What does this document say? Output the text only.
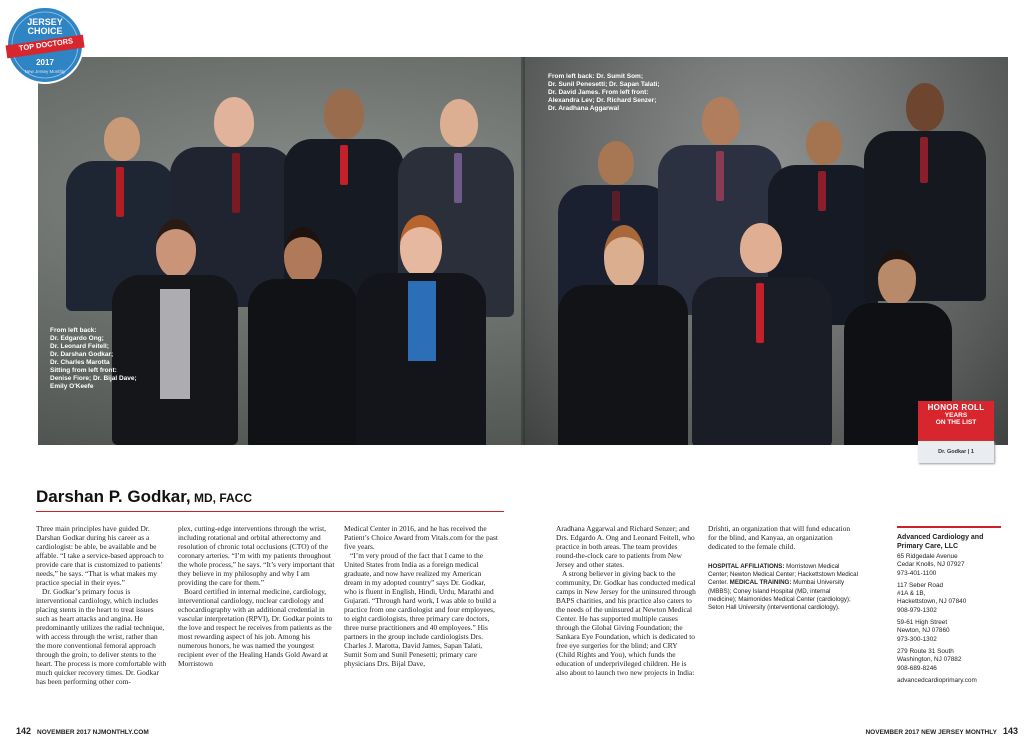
From left back:
Dr. Edgardo Ong;
Dr. Leonard Feitell;
Dr. Darshan Godkar;
Dr. Charles Marotta
Sitting from left front:
Denise Fiore; Dr. Bijal Dave;
Emily O'Keefe
From left back: Dr. Sumit Som;
Dr. Sunil Penesetti; Dr. Sapan Talati;
Dr. David James. From left front:
Alexandra Lev; Dr. Richard Senzer;
Dr. Aradhana Aggarwal
JERSEY
CHOICE
TOP DOCTORS
2017
New Jersey Monthly
HONOR ROLL
YEARS
ON THE LIST
Dr. Godkar | 1
Darshan P. Godkar, MD, FACC

Three main principles have guided Dr. Darshan Godkar during his career as a cardiologist: be able, be available and be affable. “I take a service-based approach to provide care that is customized to patients’ needs,” he says. “That is what makes my practice special in their eyes.”

Dr. Godkar’s primary focus is interventional cardiology, which includes placing stents in the heart to treat issues such as heart attacks and angina. He predominantly utilizes the radial technique, with access through the wrist, rather than the more conventional femoral approach through the groin, to deliver stents to the heart. The process is more comfortable with much quicker recovery times. Dr. Godkar has been performing other com-

plex, cutting-edge interventions through the wrist, including rotational and orbital atherectomy and resolution of chronic total occlusions (CTO) of the coronary arteries. “I’m with my patients throughout the whole process,” he says. “It’s very important that they believe in my philosophy and why I am providing the care for them.”

Board certified in internal medicine, cardiology, interventional cardiology, nuclear cardiology and echocardiography with an additional credential in vascular interpretation (RPVI), Dr. Godkar points to the love and respect he receives from patients as the most rewarding aspect of his job. Among his numerous honors, he was named the youngest recipient ever of the Healing Hands Gold Award at Morristown

Medical Center in 2016, and he has received the Patient’s Choice Award from Vitals.com for the past five years.

“I’m very proud of the fact that I came to the United States from India as a foreign medical graduate, and now have realized my American dream in my adopted country” says Dr. Godkar, who is fluent in English, Hindi, Urdu, Marathi and Gujarati. “Through hard work, I was able to build a practice from one cardiologist and four employees, to eight cardiologists, three primary care doctors, three nurse practitioners and 40 employees.” His partners in the group include cardiologists Drs. Charles J. Marotta, David James, Sapan Talati, Sumit Som and Sunil Penesetti; primary care physicians Drs. Bijal Dave,

Aradhana Aggarwal and Richard Senzer; and Drs. Edgardo A. Ong and Leonard Feitell, who practice in both areas. The team provides round-the-clock care to patients from New Jersey and other states.

A strong believer in giving back to the community, Dr. Godkar has conducted medical camps in New Jersey for the uninsured through BAPS charities, and his practice also caters to the needs of the uninsured at Newton Medical Center. He has supported multiple causes through the Global Giving Foundation; the Sankara Eye Foundation, which is dedicated to free eye surgeries for the blind; and CRY (Child Rights and You), which funds the education of underprivileged children. He is also about to launch two new projects in India:

Drishti, an organization that will fund education for the blind, and Kanyaa, an organization dedicated to the female child.

HOSPITAL AFFILIATIONS: Morristown Medical Center; Newton Medical Center; Hackettstown Medical Center. MEDICAL TRAINING: Mumbai University (MBBS); Coney Island Hospital (MD, internal medicine); Maimonides Medical Center (cardiology); Seton Hall University (interventional cardiology).
Advanced Cardiology and Primary Care, LLC
65 Ridgedale Avenue
Cedar Knolls, NJ 07927
973-401-1100
117 Seber Road
#1A & 1B,
Hackettstown, NJ 07840
908-979-1302
59-61 High Street
Newton, NJ 07860
973-300-1302
279 Route 31 South
Washington, NJ 07882
908-689-8246
advancedcardioprimary.com
142 NOVEMBER 2017 NJMONTHLY.COM	NOVEMBER 2017 NEW JERSEY MONTHLY 143
